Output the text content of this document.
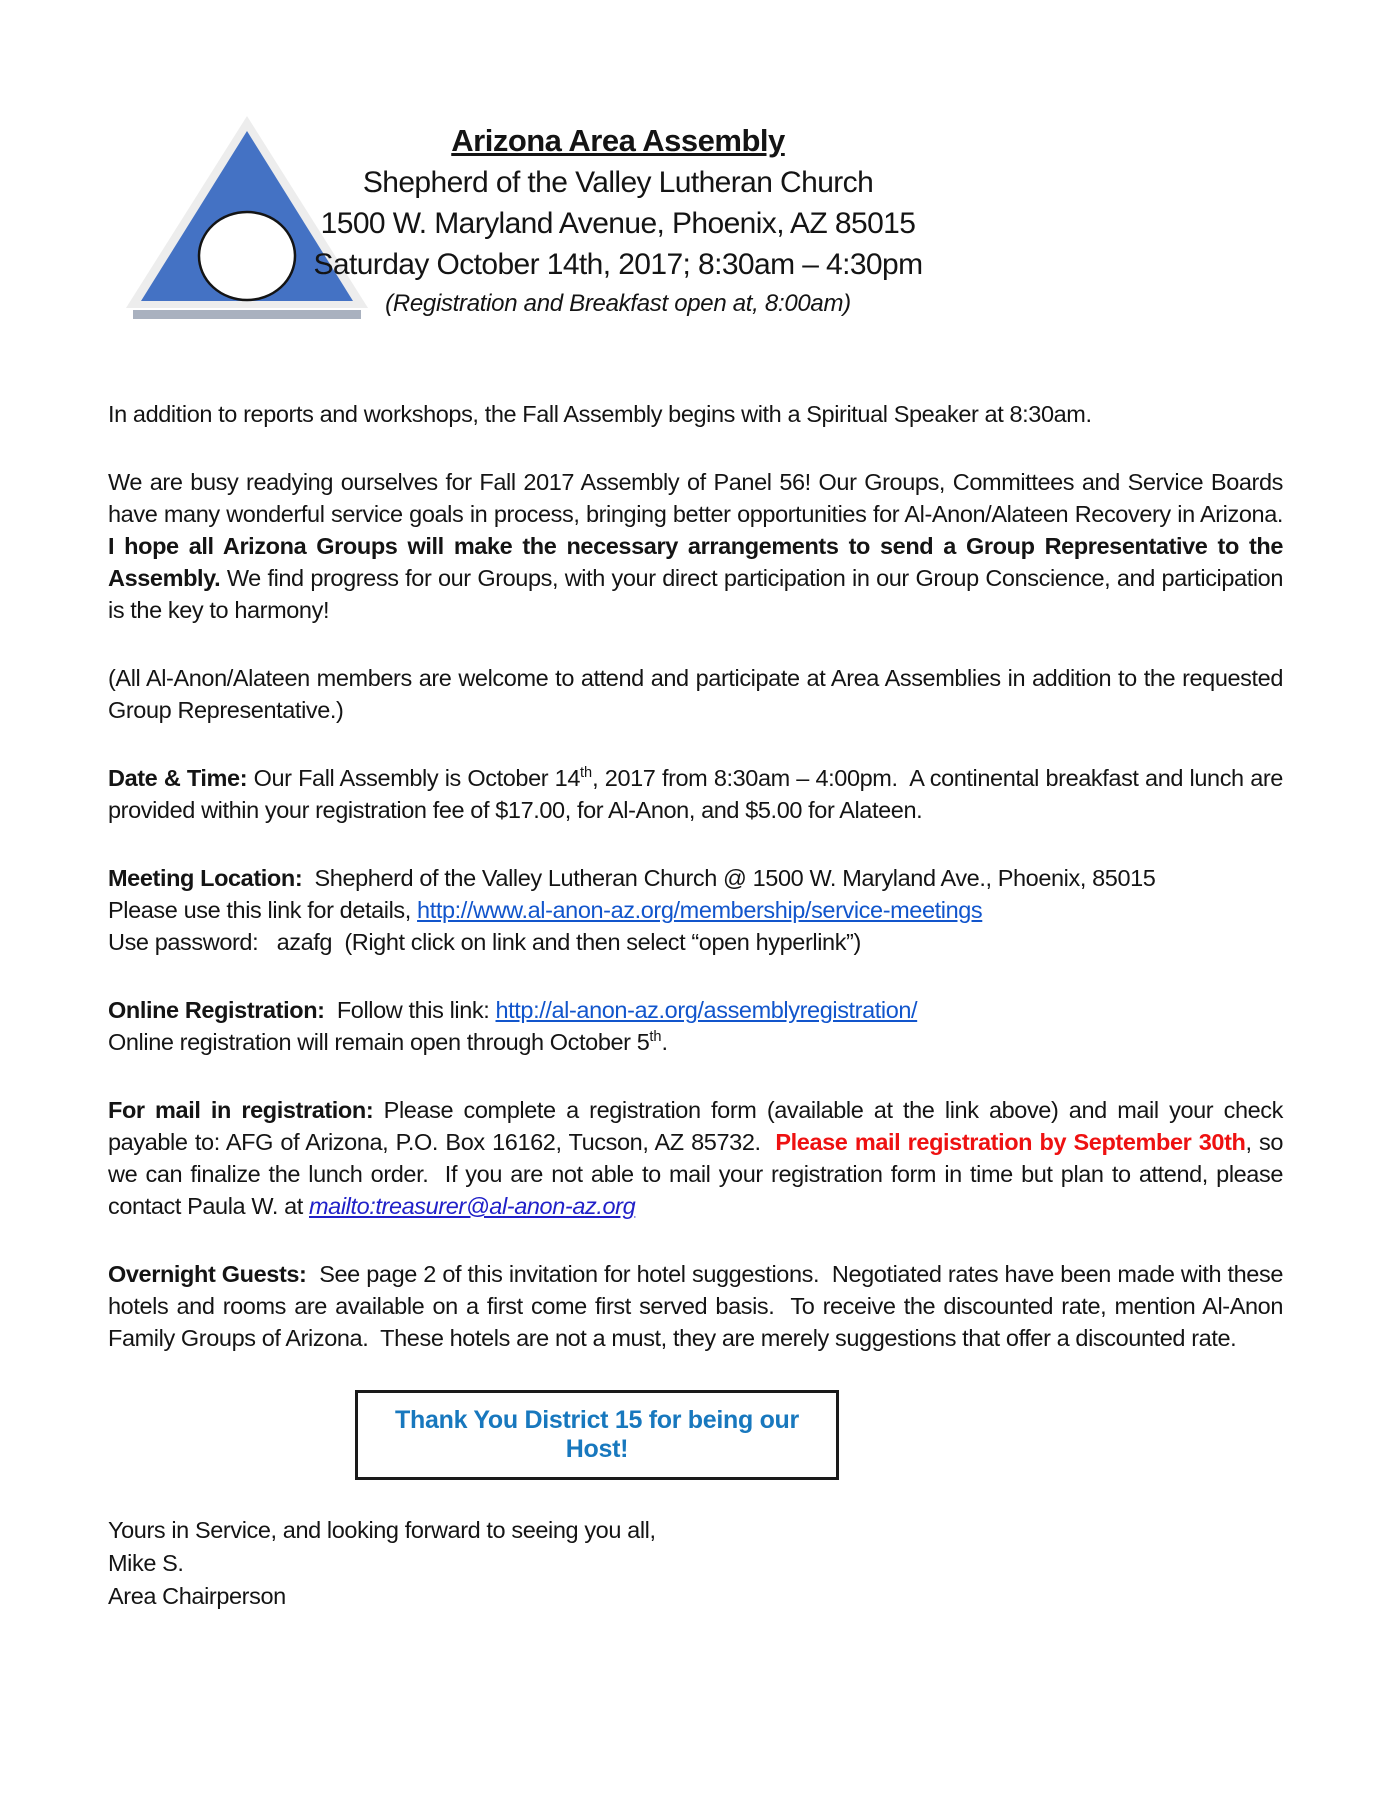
Arizona Area Assembly
Shepherd of the Valley Lutheran Church
1500 W. Maryland Avenue, Phoenix, AZ 85015
Saturday October 14th, 2017; 8:30am – 4:30pm
(Registration and Breakfast open at, 8:00am)

In addition to reports and workshops, the Fall Assembly begins with a Spiritual Speaker at 8:30am.

We are busy readying ourselves for Fall 2017 Assembly of Panel 56! Our Groups, Committees and Service Boards have many wonderful service goals in process, bringing better opportunities for Al-Anon/Alateen Recovery in Arizona.  I hope all Arizona Groups will make the necessary arrangements to send a Group Representative to the Assembly. We find progress for our Groups, with your direct participation in our Group Conscience, and participation is the key to harmony!

(All Al-Anon/Alateen members are welcome to attend and participate at Area Assemblies in addition to the requested Group Representative.)

Date & Time: Our Fall Assembly is October 14th, 2017 from 8:30am – 4:00pm.  A continental breakfast and lunch are provided within your registration fee of $17.00, for Al-Anon, and $5.00 for Alateen.

Meeting Location:  Shepherd of the Valley Lutheran Church @ 1500 W. Maryland Ave., Phoenix, 85015
Please use this link for details, http://www.al-anon-az.org/membership/service-meetings
Use password:   azafg  (Right click on link and then select “open hyperlink”)

Online Registration:  Follow this link: http://al-anon-az.org/assemblyregistration/
Online registration will remain open through October 5th.

For mail in registration: Please complete a registration form (available at the link above) and mail your check payable to: AFG of Arizona, P.O. Box 16162, Tucson, AZ 85732.  Please mail registration by September 30th, so we can finalize the lunch order.  If you are not able to mail your registration form in time but plan to attend, please contact Paula W. at mailto:treasurer@al-anon-az.org

Overnight Guests:  See page 2 of this invitation for hotel suggestions.  Negotiated rates have been made with these hotels and rooms are available on a first come first served basis.  To receive the discounted rate, mention Al-Anon Family Groups of Arizona.  These hotels are not a must, they are merely suggestions that offer a discounted rate.

Thank You District 15 for being our Host!
Yours in Service, and looking forward to seeing you all,
Mike S.
Area Chairperson
